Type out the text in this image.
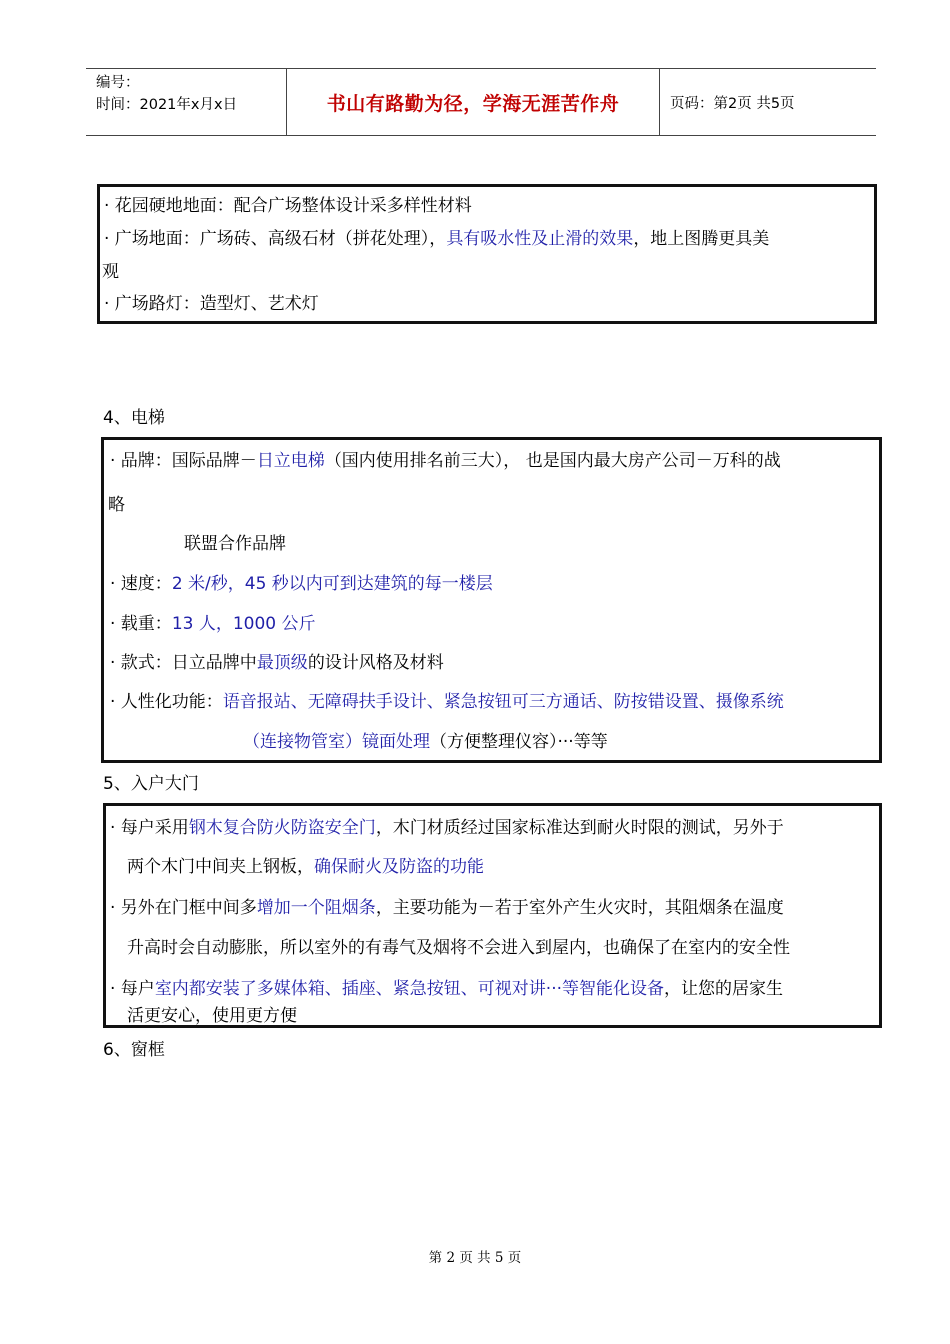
编号：
时间：2021年x月x日	书山有路勤为径，学海无涯苦作舟	页码：第2页 共5页
· 花园硬地地面：配合广场整体设计采多样性材料
· 广场地面：广场砖、高级石材（拼花处理），具有吸水性及止滑的效果，地上图腾更具美
观
· 广场路灯：造型灯、艺术灯
4、电梯
· 品牌：国际品牌－日立电梯（国内使用排名前三大）， 也是国内最大房产公司－万科的战
略
联盟合作品牌
· 速度：2 米/秒，45 秒以内可到达建筑的每一楼层
· 载重：13 人，1000 公斤
· 款式：日立品牌中最顶级的设计风格及材料
· 人性化功能：语音报站、无障碍扶手设计、紧急按钮可三方通话、防按错设置、摄像系统
（连接物管室）镜面处理（方便整理仪容）···等等
5、入户大门
· 每户采用钢木复合防火防盗安全门，木门材质经过国家标准达到耐火时限的测试，另外于
两个木门中间夹上钢板，确保耐火及防盗的功能
· 另外在门框中间多增加一个阻烟条，主要功能为－若于室外产生火灾时，其阻烟条在温度
升高时会自动膨胀，所以室外的有毒气及烟将不会进入到屋内，也确保了在室内的安全性
· 每户室内都安装了多媒体箱、插座、紧急按钮、可视对讲···等智能化设备，让您的居家生
活更安心，使用更方便
6、窗框
第 2 页 共 5 页
